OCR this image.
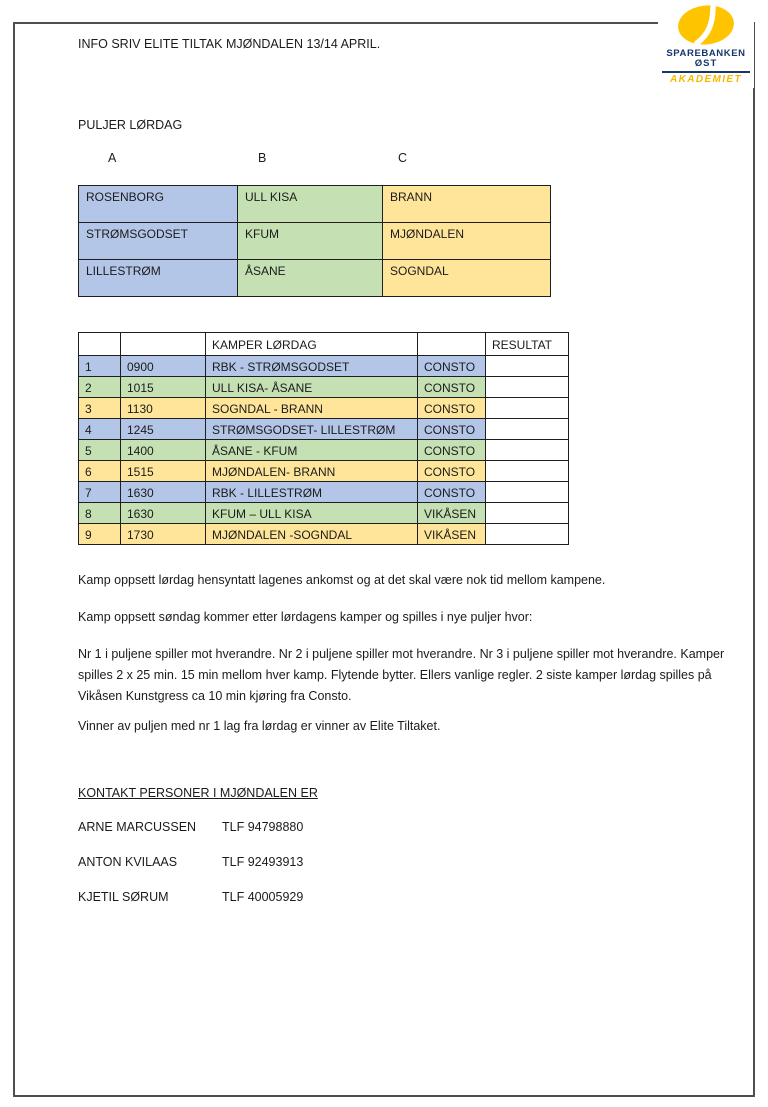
SPAREBANKEN
ØST
AKADEMIET
INFO SRIV ELITE TILTAK MJØNDALEN 13/14 APRIL.
PULJER LØRDAG
A	B	C
ROSENBORG	ULL KISA	BRANN
STRØMSGODSET	KFUM	MJØNDALEN
LILLESTRØM	ÅSANE	SOGNDAL
		KAMPER LØRDAG		RESULTAT
1	0900	RBK - STRØMSGODSET	CONSTO	
2	1015	ULL KISA- ÅSANE	CONSTO	
3	1130	SOGNDAL - BRANN	CONSTO	
4	1245	STRØMSGODSET- LILLESTRØM	CONSTO	
5	1400	ÅSANE - KFUM	CONSTO	
6	1515	MJØNDALEN- BRANN	CONSTO	
7	1630	RBK - LILLESTRØM	CONSTO	
8	1630	KFUM – ULL KISA	VIKÅSEN	
9	1730	MJØNDALEN -SOGNDAL	VIKÅSEN	
Kamp oppsett lørdag hensyntatt lagenes ankomst og at det skal være nok tid mellom kampene.
Kamp oppsett søndag kommer etter lørdagens kamper og spilles i nye puljer hvor:
Nr 1 i puljene spiller mot hverandre. Nr 2 i puljene spiller mot hverandre. Nr 3 i puljene spiller mot hverandre. Kamper spilles 2 x 25 min. 15 min mellom hver kamp. Flytende bytter. Ellers vanlige regler. 2 siste kamper lørdag spilles på Vikåsen Kunstgress ca 10 min kjøring fra Consto.
Vinner av puljen med nr 1 lag fra lørdag er vinner av Elite Tiltaket.
KONTAKT PERSONER I MJØNDALEN ER
ARNE MARCUSSEN	TLF 94798880
ANTON KVILAAS	TLF 92493913
KJETIL SØRUM	TLF 40005929
